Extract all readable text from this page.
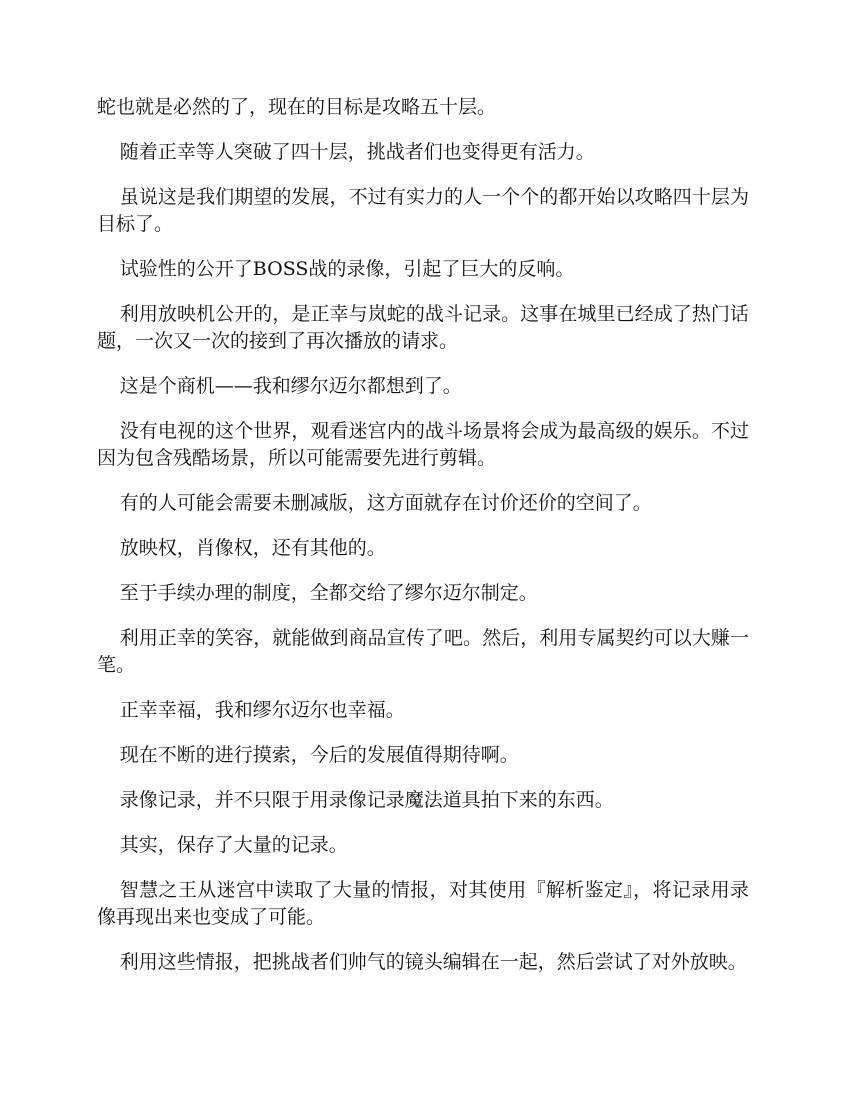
蛇也就是必然的了，现在的目标是攻略五十层。

随着正幸等人突破了四十层，挑战者们也变得更有活力。

虽说这是我们期望的发展，不过有实力的人一个个的都开始以攻略四十层为目标了。

试验性的公开了BOSS战的录像，引起了巨大的反响。

利用放映机公开的，是正幸与岚蛇的战斗记录。这事在城里已经成了热门话题，一次又一次的接到了再次播放的请求。

这是个商机——我和缪尔迈尔都想到了。

没有电视的这个世界，观看迷宫内的战斗场景将会成为最高级的娱乐。不过因为包含残酷场景，所以可能需要先进行剪辑。

有的人可能会需要未删减版，这方面就存在讨价还价的空间了。

放映权，肖像权，还有其他的。

至于手续办理的制度，全都交给了缪尔迈尔制定。

利用正幸的笑容，就能做到商品宣传了吧。然后，利用专属契约可以大赚一笔。

正幸幸福，我和缪尔迈尔也幸福。

现在不断的进行摸索，今后的发展值得期待啊。

录像记录，并不只限于用录像记录魔法道具拍下来的东西。

其实，保存了大量的记录。

智慧之王从迷宫中读取了大量的情报，对其使用『解析鉴定』，将记录用录像再现出来也变成了可能。

利用这些情报，把挑战者们帅气的镜头编辑在一起，然后尝试了对外放映。
